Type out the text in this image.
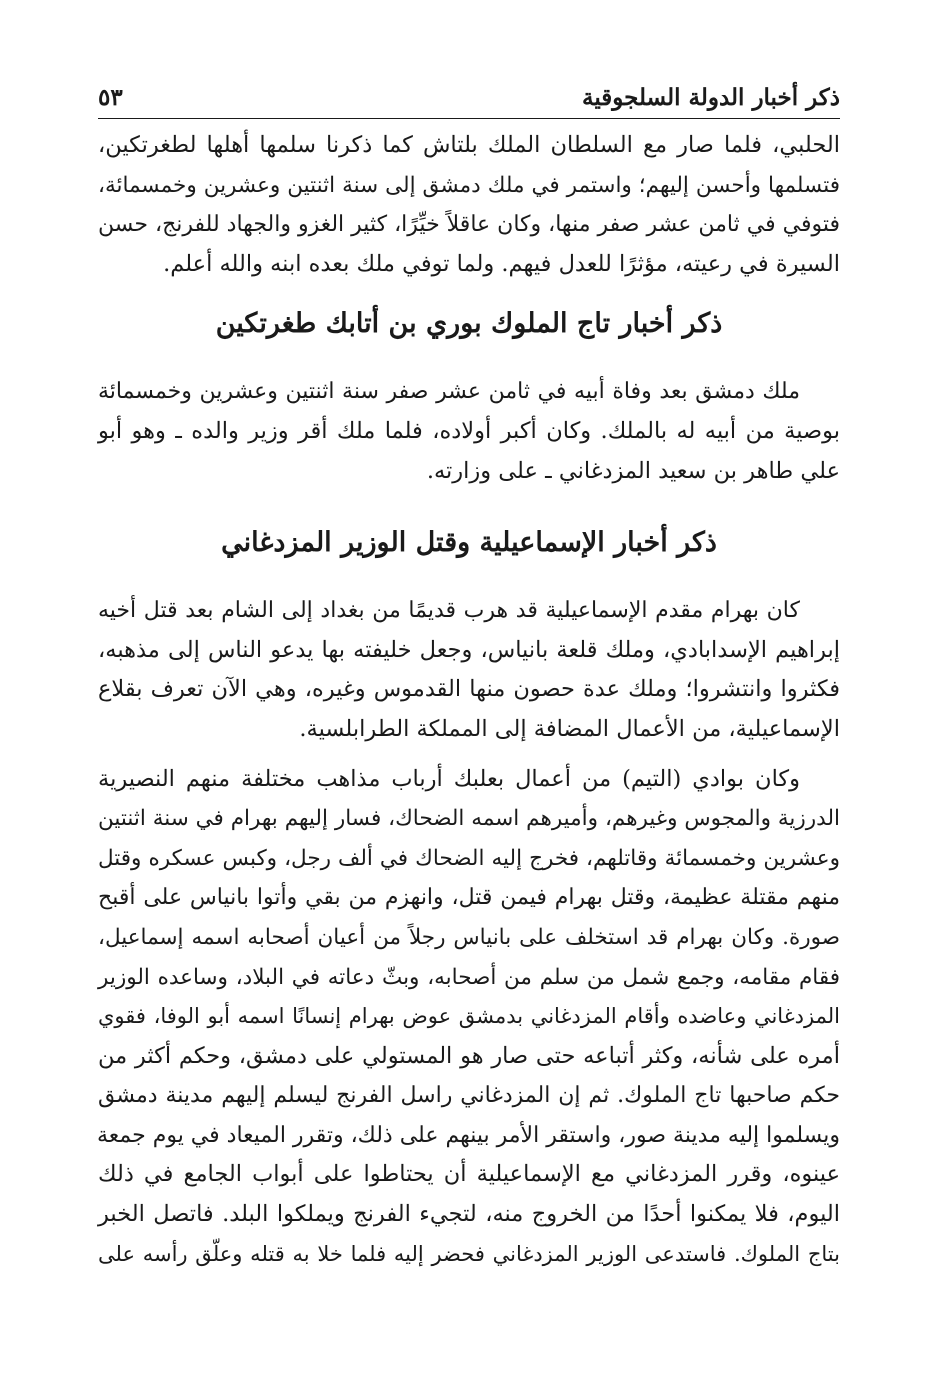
ذكر أخبار الدولة السلجوقية
٥٣
الحلبي، فلما صار مع السلطان الملك بلتاش كما ذكرنا سلمها أهلها لطغرتكين،
فتسلمها وأحسن إليهم؛ واستمر في ملك دمشق إلى سنة اثنتين وعشرين وخمسمائة،
فتوفي في ثامن عشر صفر منها، وكان عاقلاً خيِّرًا، كثير الغزو والجهاد للفرنج، حسن
السيرة في رعيته، مؤثرًا للعدل فيهم. ولما توفي ملك بعده ابنه والله أعلم.
ذكر أخبار تاج الملوك بوري بن أتابك طغرتكين
ملك دمشق بعد وفاة أبيه في ثامن عشر صفر سنة اثنتين وعشرين وخمسمائة
بوصية من أبيه له بالملك. وكان أكبر أولاده، فلما ملك أقر وزير والده ـ وهو أبو
علي طاهر بن سعيد المزدغاني ـ على وزارته.
ذكر أخبار الإسماعيلية وقتل الوزير المزدغاني
كان بهرام مقدم الإسماعيلية قد هرب قديمًا من بغداد إلى الشام بعد قتل أخيه
إبراهيم الإسدابادي، وملك قلعة بانياس، وجعل خليفته بها يدعو الناس إلى مذهبه،
فكثروا وانتشروا؛ وملك عدة حصون منها القدموس وغيره، وهي الآن تعرف بقلاع
الإسماعيلية، من الأعمال المضافة إلى المملكة الطرابلسية.
وكان بوادي (التيم) من أعمال بعلبك أرباب مذاهب مختلفة منهم النصيرية
الدرزية والمجوس وغيرهم، وأميرهم اسمه الضحاك، فسار إليهم بهرام في سنة اثنتين
وعشرين وخمسمائة وقاتلهم، فخرج إليه الضحاك في ألف رجل، وكبس عسكره وقتل
منهم مقتلة عظيمة، وقتل بهرام فيمن قتل، وانهزم من بقي وأتوا بانياس على أقبح
صورة. وكان بهرام قد استخلف على بانياس رجلاً من أعيان أصحابه اسمه إسماعيل،
فقام مقامه، وجمع شمل من سلم من أصحابه، وبثّ دعاته في البلاد، وساعده الوزير
المزدغاني وعاضده وأقام المزدغاني بدمشق عوض بهرام إنسانًا اسمه أبو الوفا، فقوي
أمره على شأنه، وكثر أتباعه حتى صار هو المستولي على دمشق، وحكم أكثر من
حكم صاحبها تاج الملوك. ثم إن المزدغاني راسل الفرنج ليسلم إليهم مدينة دمشق
ويسلموا إليه مدينة صور، واستقر الأمر بينهم على ذلك، وتقرر الميعاد في يوم جمعة
عينوه، وقرر المزدغاني مع الإسماعيلية أن يحتاطوا على أبواب الجامع في ذلك
اليوم، فلا يمكنوا أحدًا من الخروج منه، لتجيء الفرنج ويملكوا البلد. فاتصل الخبر
بتاج الملوك. فاستدعى الوزير المزدغاني فحضر إليه فلما خلا به قتله وعلّق رأسه على
